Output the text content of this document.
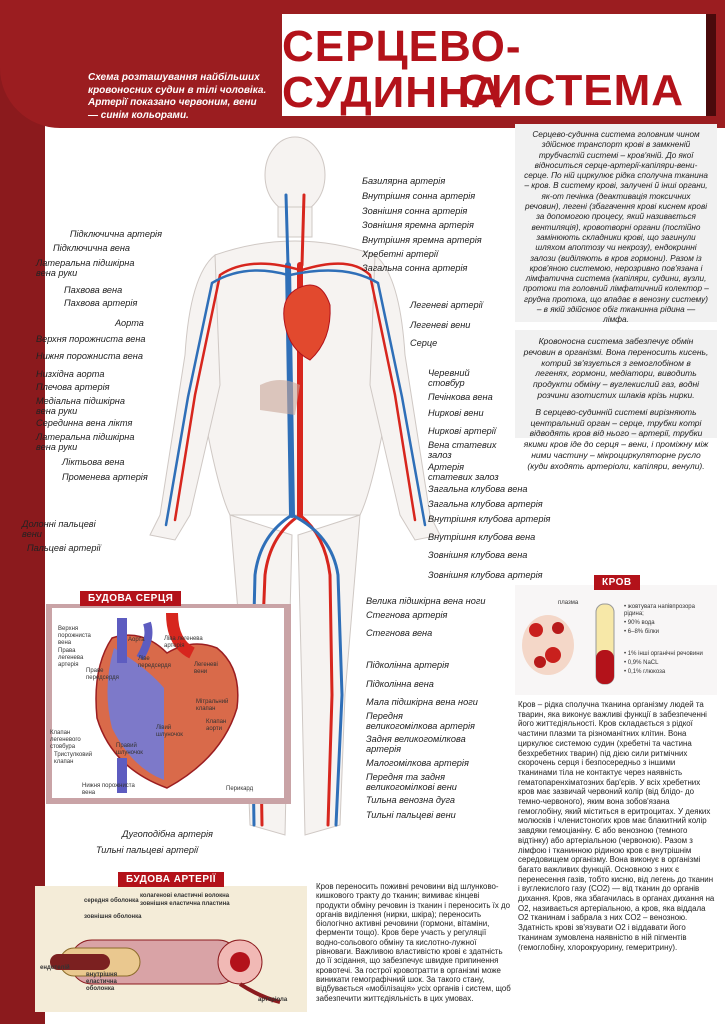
СЕРЦЕВО-СУДИННА
СИСТЕМА
Схема розташування найбільших кровоносних судин в тілі чоловіка. Артерії показано червоним, вени — синім кольорами.
Підключична артерія
Підключична вена
Латеральна підшкірна вена руки
Пахвова вена
Пахвова артерія
Аорта
Верхня порожниста вена
Нижня порожниста вена
Низхідна аорта
Плечова артерія
Медіальна підшкірна вена руки
Серединна вена ліктя
Латеральна підшкірна вена руки
Ліктьова вена
Променева артерія
Долонні пальцеві вени
Пальцеві артерії
Базилярна артерія
Внутрішня сонна артерія
Зовнішня сонна артерія
Зовнішня яремна артерія
Внутрішня яремна артерія
Хребетні артерії
Загальна сонна артерія
Легеневі артерії
Легеневі вени
Серце
Черевний стовбур
Печінкова вена
Ниркові вени
Ниркові артерії
Вена статевих залоз
Артерія статевих залоз
Загальна клубова вена
Загальна клубова артерія
Внутрішня клубова артерія
Внутрішня клубова вена
Зовнішня клубова вена
Зовнішня клубова артерія
Велика підшкірна вена ноги
Стегнова артерія
Стегнова вена
Підколінна артерія
Підколінна вена
Мала підшкірна вена ноги
Передня великогомілкова артерія
Задня великогомілкова артерія
Малогомілкова артерія
Передня та задня великогомілкові вени
Тильна венозна дуга
Тильні пальцеві вени
Дугоподібна артерія
Тильні пальцеві артерії
Серцево-судинна система головним чином здійснює транспорт крові в замкненій трубчастій системі – кров'яній. До якої відноситься серце-артерії-капіляри-вени-серце. По ній циркулює рідка сполучна тканина – кров. В систему крові, залучені й інші органи, як-от печінка (деактивація токсичних речовин), легені (збагачення крові киснем крові за допомогою процесу, який називається вентиляція), кровотворні органи (постійно замінюють складники крові, що загинули шляхом апоптозу чи некрозу), ендокринні залози (виділяють в кров гормони). Разом із кров'яною системою, нерозривно пов'язана і лімфатична система (капіляри, судини, вузли, протоки та головний лімфатичний колектор – грудна протока, що впадає в венозну систему) – в якій здійснює обіг тканинна рідина — лімфа.
Кровоносна система забезпечує обмін речовин в організмі. Вона переносить кисень, котрий зв'язується з гемоглобіном в легенях, гормони, медіатори, виводить продукти обміну – вуглекислий газ, водні розчини азотистих шлаків крізь нирки.
В серцево-судинній системі вирізняють центральний орган – серце, трубки котрі відводять кров від нього – артерії, трубки якими кров іде до серця – вени, і проміжну між ними частину – мікроциркуляторне русло (куди входять артеріоли, капіляри, венули).
БУДОВА СЕРЦЯ
Верхня порожниста вена
Права легенева артерія
Аорта	Ліва легенева артерія
Легеневі вени
Ліве передсердя
Праве передсердя
Мітральний клапан
Клапан аорти
Лівий шлуночок
Клапан легеневого стовбура
Тристулковий клапан
Правий шлуночок
Нижня порожниста вена
Перикард
КРОВ
плазма
• жовтувата напівпрозора рідина;
• 90% вода
• 6–8% білки
• 1% інші органічні речовини
• 0,9% NaCL
• 0,1% глюкоза
Кров – рідка сполучна тканина організму людей та тварин, яка виконує важливі функції в забезпеченні його життєдіяльності. Кров складається з рідкої частини плазми та різноманітних клітин. Вона циркулює системою судин (хребетні та частина безхребетних тварин) під дією сили ритмічних скорочень серця і безпосередньо з іншими тканинами тіла не контактує через наявність гематопаренхіматозних бар'єрів. У всіх хребетних кров має зазвичай червоний колір (від блідо- до темно-червоного), яким вона зобов'язана гемоглобіну, який міститься в еритроцитах. У деяких молюсків і членистоногих кров має блакитний колір завдяки гемоціаніну. Є або венозною (темного відтінку) або артеріальною (червоною). Разом з лімфою і тканинною рідиною кров є внутрішнім середовищем організму. Вона виконує в організмі багато важливих функцій. Основною з них є перенесення газів, тобто кисню, від легень до тканин і вуглекислого газу (CO2) — від тканин до органів дихання. Кров, яка збагачилась в органах дихання на O2, називається артеріальною, а кров, яка віддала O2 тканинам і забрала з них CO2 – венозною. Здатність крові зв'язувати O2 і віддавати його тканинам зумовлена наявністю в ній пігментів (гемоглобіну, хлорокруорину, гемеритрину).
БУДОВА АРТЕРІЇ
середня оболонка
зовнішня оболонка
колагенові еластичні волокна
зовнішня еластична пластина
ендотелій
внутрішня еластична оболонка
артеріола
Кров переносить поживні речовини від шлунково-кишкового тракту до тканин; вимиває кінцеві продукти обміну речовин із тканин і переносить їх до органів виділення (нирки, шкіра); переносить біологічно активні речовини (гормони, вітаміни, ферменти тощо). Кров бере участь у регуляції водно-сольового обміну та кислотно-лужної рівноваги. Важливою властивістю крові є здатність до її зсідання, що забезпечує швидке припинення кровотечі. За гострої кровотратти в організмі може виникати гемографічний шок. За такого стану, відбувається «мобілізація» усіх органів і систем, щоб забезпечити життєдіяльність в цих умовах.
